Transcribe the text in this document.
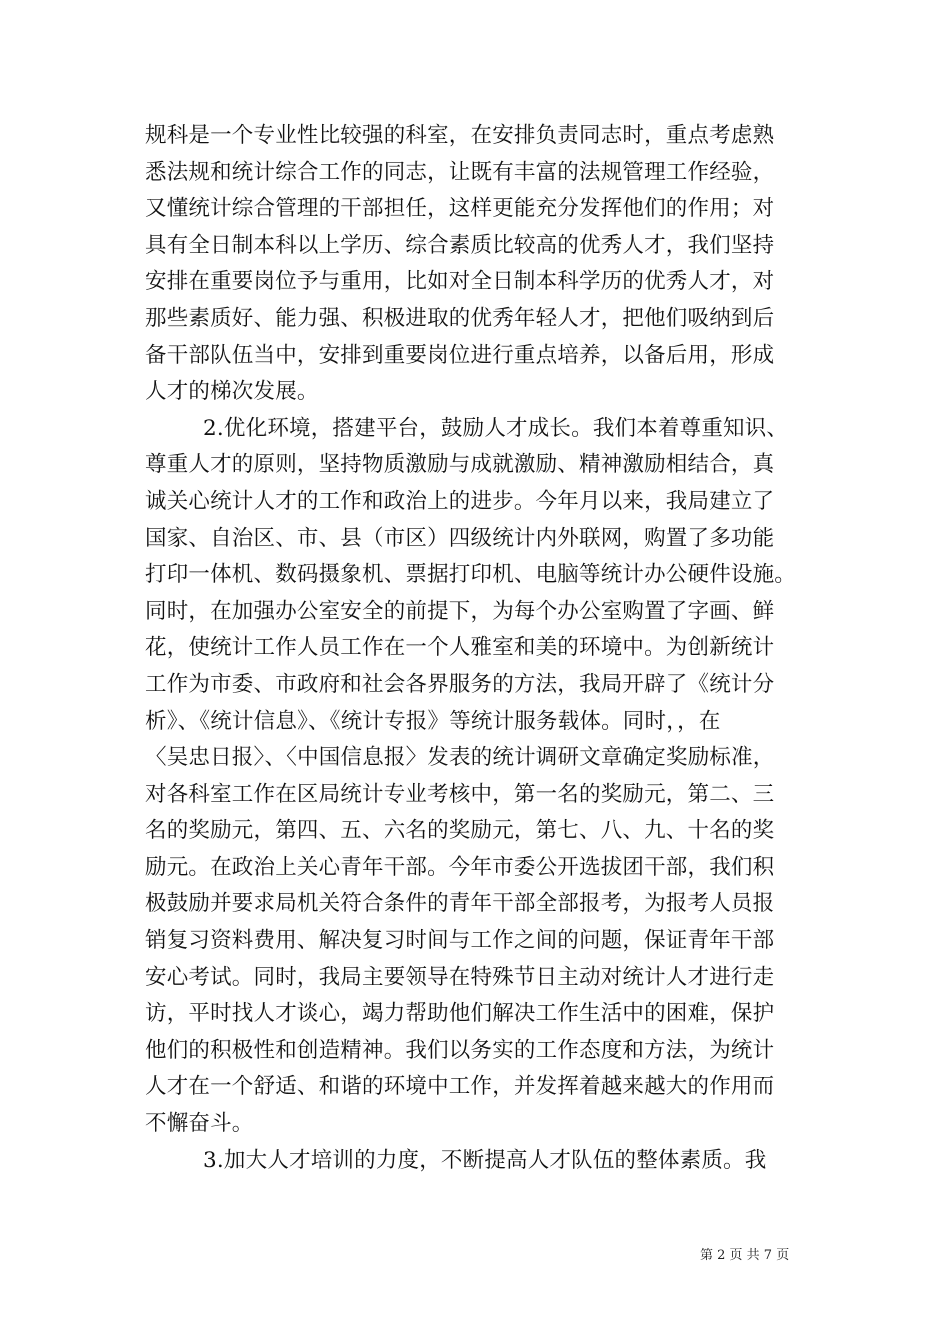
规科是一个专业性比较强的科室，在安排负责同志时，重点考虑熟
悉法规和统计综合工作的同志，让既有丰富的法规管理工作经验，
又懂统计综合管理的干部担任，这样更能充分发挥他们的作用；对
具有全日制本科以上学历、综合素质比较高的优秀人才，我们坚持
安排在重要岗位予与重用，比如对全日制本科学历的优秀人才，对
那些素质好、能力强、积极进取的优秀年轻人才，把他们吸纳到后
备干部队伍当中，安排到重要岗位进行重点培养，以备后用，形成
人才的梯次发展。
2.优化环境，搭建平台，鼓励人才成长。我们本着尊重知识、
尊重人才的原则，坚持物质激励与成就激励、精神激励相结合，真
诚关心统计人才的工作和政治上的进步。今年月以来，我局建立了
国家、自治区、市、县（市区）四级统计内外联网，购置了多功能
打印一体机、数码摄象机、票据打印机、电脑等统计办公硬件设施。
同时，在加强办公室安全的前提下，为每个办公室购置了字画、鲜
花，使统计工作人员工作在一个人雅室和美的环境中。为创新统计
工作为市委、市政府和社会各界服务的方法，我局开辟了《统计分
析》、《统计信息》、《统计专报》等统计服务载体。同时，，在
〈吴忠日报〉、〈中国信息报〉发表的统计调研文章确定奖励标准，
对各科室工作在区局统计专业考核中，第一名的奖励元，第二、三
名的奖励元，第四、五、六名的奖励元，第七、八、九、十名的奖
励元。在政治上关心青年干部。今年市委公开选拔团干部，我们积
极鼓励并要求局机关符合条件的青年干部全部报考，为报考人员报
销复习资料费用、解决复习时间与工作之间的问题，保证青年干部
安心考试。同时，我局主要领导在特殊节日主动对统计人才进行走
访，平时找人才谈心，竭力帮助他们解决工作生活中的困难，保护
他们的积极性和创造精神。我们以务实的工作态度和方法，为统计
人才在一个舒适、和谐的环境中工作，并发挥着越来越大的作用而
不懈奋斗。
3.加大人才培训的力度，不断提高人才队伍的整体素质。我
第 2 页 共 7 页
